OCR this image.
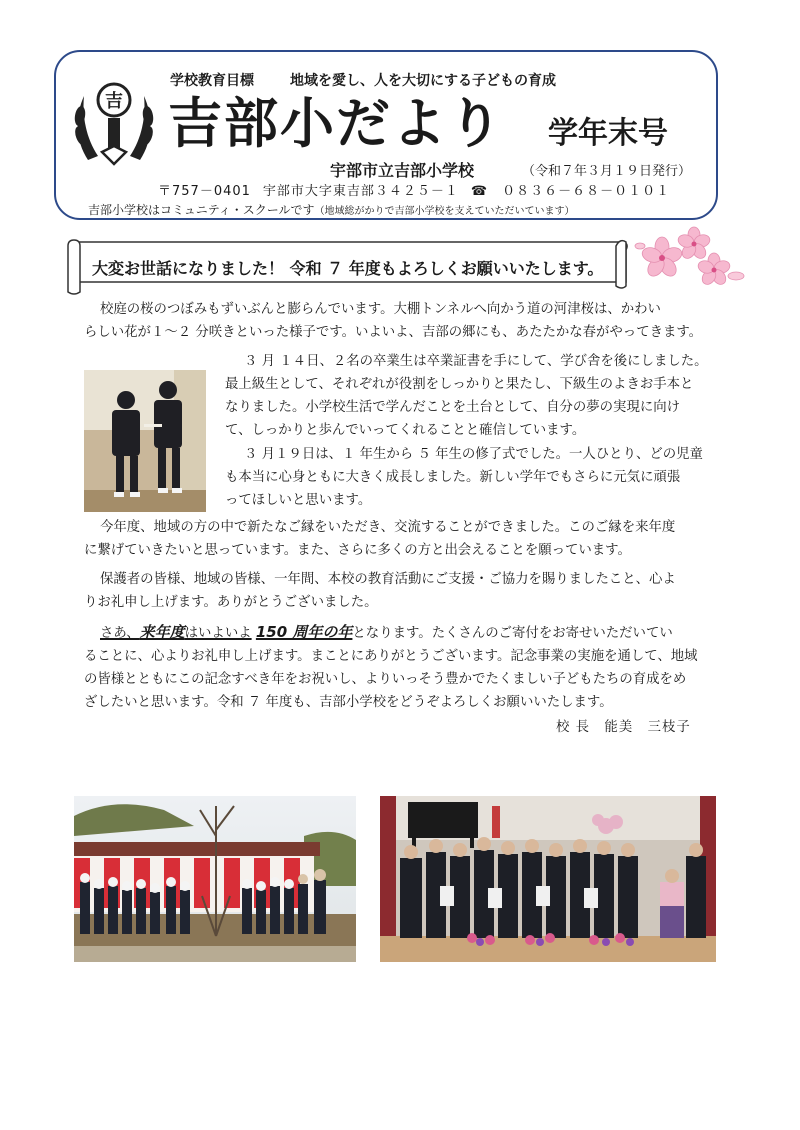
吉
学校教育目標	地域を愛し、人を大切にする子どもの育成
吉部小だより 学年末号
宇部市立吉部小学校	（令和７年３月１９日発行）
〒757－0401 宇部市大字東吉部３４２５－１ ☎　０８３６－６８－０１０１
吉部小学校はコミュニティ・スクールです（地域総がかりで吉部小学校を支えていただいています）
大変お世話になりました！ 令和 ７ 年度もよろしくお願いいたします。
校庭の桜のつぼみもずいぶんと膨らんでいます。大棚トンネルへ向かう道の河津桜は、かわい
らしい花が１～２ 分咲きといった様子です。いよいよ、吉部の郷にも、あたたかな春がやってきます。
３ 月 １４日、２名の卒業生は卒業証書を手にして、学び舎を後にしました。
最上級生として、それぞれが役割をしっかりと果たし、下級生のよきお手本と
なりました。小学校生活で学んだことを土台として、自分の夢の実現に向け
て、しっかりと歩んでいってくれることと確信しています。
３ 月１９日は、１ 年生から ５ 年生の修了式でした。一人ひとり、どの児童
も本当に心身ともに大きく成長しました。新しい学年でもさらに元気に頑張
ってほしいと思います。
今年度、地域の方の中で新たなご縁をいただき、交流することができました。このご縁を来年度
に繋げていきたいと思っています。また、さらに多くの方と出会えることを願っています。
保護者の皆様、地域の皆様、一年間、本校の教育活動にご支援・ご協力を賜りましたこと、心よ
りお礼申し上げます。ありがとうございました。
さあ、来年度はいよいよ 150 周年の年となります。たくさんのご寄付をお寄せいただいてい
ることに、心よりお礼申し上げます。まことにありがとうございます。記念事業の実施を通して、地域
の皆様とともにこの記念すべき年をお祝いし、よりいっそう豊かでたくましい子どもたちの育成をめ
ざしたいと思います。令和 ７ 年度も、吉部小学校をどうぞよろしくお願いいたします。
校 長　能美　三枝子
